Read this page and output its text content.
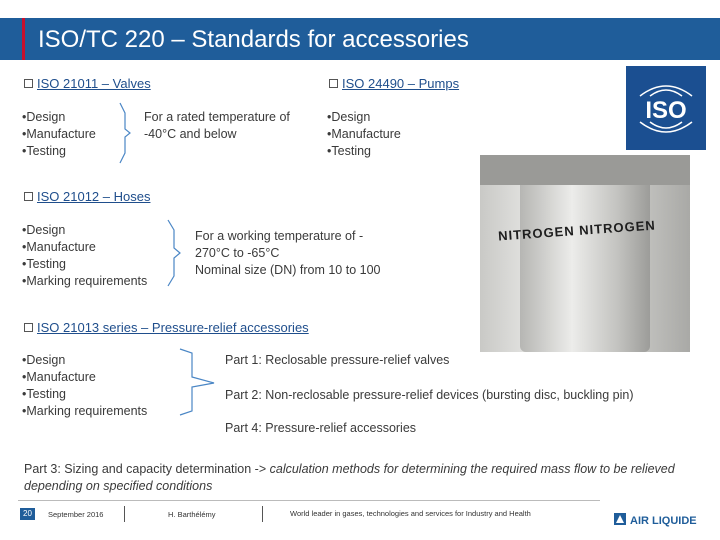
ISO/TC 220 – Standards for accessories
ISO 21011 – Valves
• Design
• Manufacture
• Testing
For a rated temperature of -40°C and below
ISO 24490 – Pumps
• Design
• Manufacture
• Testing
ISO
NITROGEN NITROGEN
ISO 21012 – Hoses
• Design
• Manufacture
• Testing
• Marking requirements
For a working temperature of -
270°C to -65°C
Nominal size (DN) from 10 to 100
ISO 21013 series – Pressure-relief accessories
• Design
• Manufacture
• Testing
• Marking requirements
Part 1: Reclosable pressure-relief valves
Part 2: Non-reclosable pressure-relief devices (bursting disc, buckling pin)
Part 4: Pressure-relief accessories
Part 3: Sizing and capacity determination -> calculation methods for determining the required mass flow to be relieved depending on specified conditions
20	September 2016	H. Barthélémy	World leader in gases, technologies and services for Industry and Health
AIR LIQUIDE
